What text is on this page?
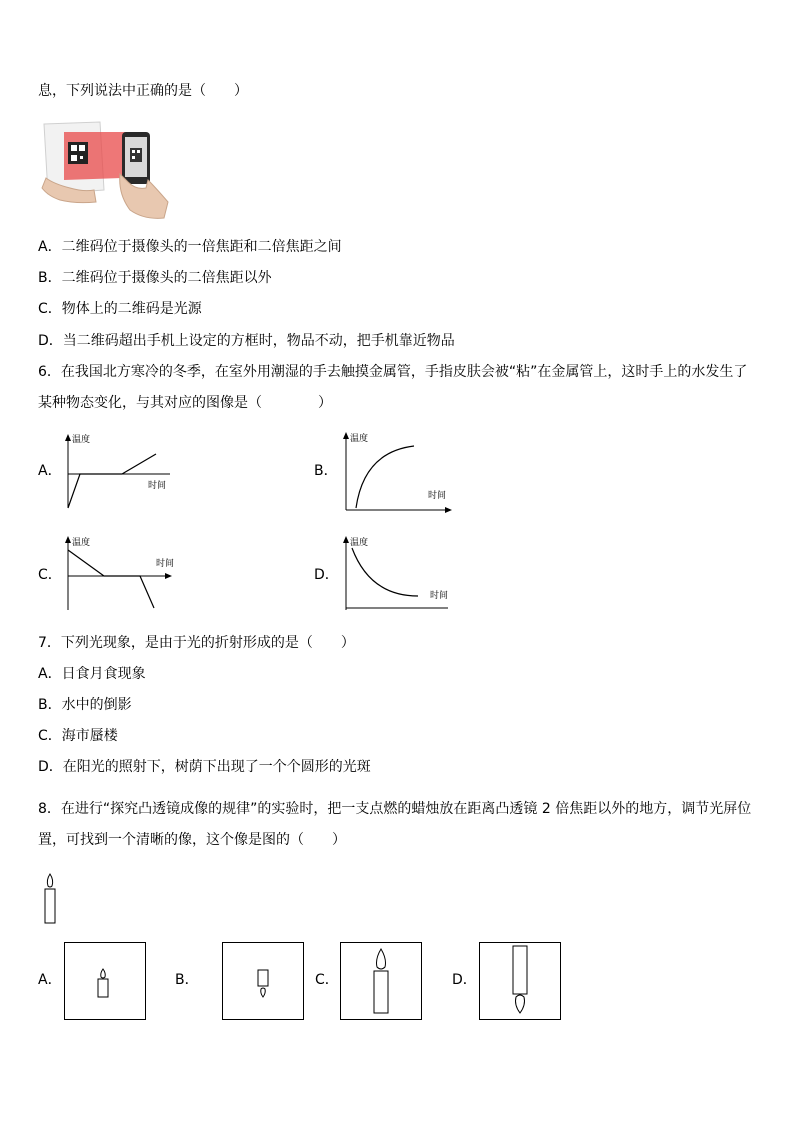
息，下列说法中正确的是（　　）
A．二维码位于摄像头的一倍焦距和二倍焦距之间
B．二维码位于摄像头的二倍焦距以外
C．物体上的二维码是光源
D．当二维码超出手机上设定的方框时，物品不动，把手机靠近物品
6．在我国北方寒冷的冬季，在室外用潮湿的手去触摸金属管，手指皮肤会被“粘”在金属管上，这时手上的水发生了
某种物态变化，与其对应的图像是（　　　　）
A．
温度
时间
B．
温度
时间
C．
温度
时间
D．
温度
时间
7．下列光现象，是由于光的折射形成的是（　　）
A．日食月食现象
B．水中的倒影
C．海市蜃楼
D．在阳光的照射下，树荫下出现了一个个圆形的光斑
8．在进行“探究凸透镜成像的规律”的实验时，把一支点燃的蜡烛放在距离凸透镜 2 倍焦距以外的地方，调节光屏位
置，可找到一个清晰的像，这个像是图的（　　）
A．	B．	C．	D．
